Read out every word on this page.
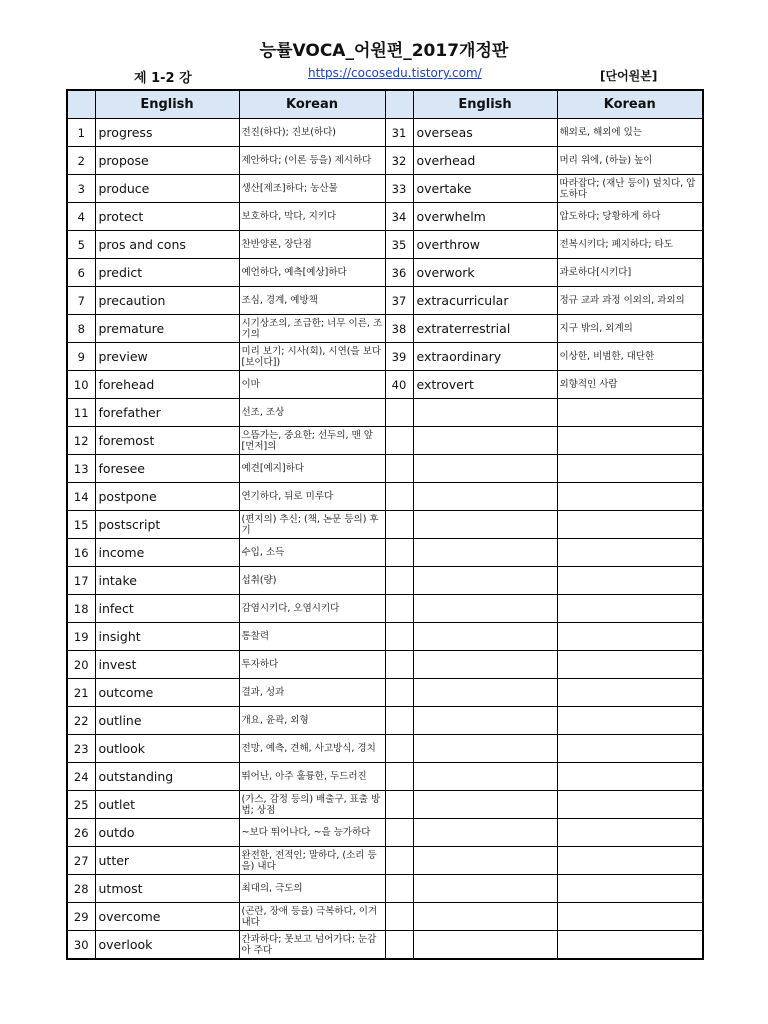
능률VOCA_어원편_2017개정판
제 1-2 강	https://cocosedu.tistory.com/	[단어원본]
	English	Korean		English	Korean
1	progress	전진(하다); 진보(하다)	31	overseas	해외로, 해외에 있는
2	propose	제안하다; (이론 등을) 제시하다	32	overhead	머리 위에, (하늘) 높이
3	produce	생산[제조]하다; 농산물	33	overtake	따라잡다; (재난 등이) 덮치다, 압도하다
4	protect	보호하다, 막다, 지키다	34	overwhelm	압도하다; 당황하게 하다
5	pros and cons	찬반양론, 장단점	35	overthrow	전복시키다; 폐지하다; 타도
6	predict	예언하다, 예측[예상]하다	36	overwork	과로하다[시키다]
7	precaution	조심, 경계, 예방책	37	extracurricular	정규 교과 과정 이외의, 과외의
8	premature	시기상조의, 조급한; 너무 이른, 조기의	38	extraterrestrial	지구 밖의, 외계의
9	preview	미리 보기; 시사(회), 시연(을 보다[보이다])	39	extraordinary	이상한, 비범한, 대단한
10	forehead	이마	40	extrovert	외향적인 사람
11	forefather	선조, 조상			
12	foremost	으뜸가는, 중요한; 선두의, 맨 앞[먼저]의			
13	foresee	예견[예지]하다			
14	postpone	연기하다, 뒤로 미루다			
15	postscript	(편지의) 추신; (책, 논문 등의) 후기			
16	income	수입, 소득			
17	intake	섭취(량)			
18	infect	감염시키다, 오염시키다			
19	insight	통찰력			
20	invest	투자하다			
21	outcome	결과, 성과			
22	outline	개요, 윤곽, 외형			
23	outlook	전망, 예측, 견해, 사고방식, 경치			
24	outstanding	뛰어난, 아주 훌륭한, 두드러진			
25	outlet	(가스, 감정 등의) 배출구, 표출 방법; 상점			
26	outdo	~보다 뛰어나다, ~을 능가하다			
27	utter	완전한, 전적인; 말하다, (소리 등을) 내다			
28	utmost	최대의, 극도의			
29	overcome	(곤란, 장애 등을) 극복하다, 이겨내다			
30	overlook	간과하다; 못보고 넘어가다; 눈감아 주다			
